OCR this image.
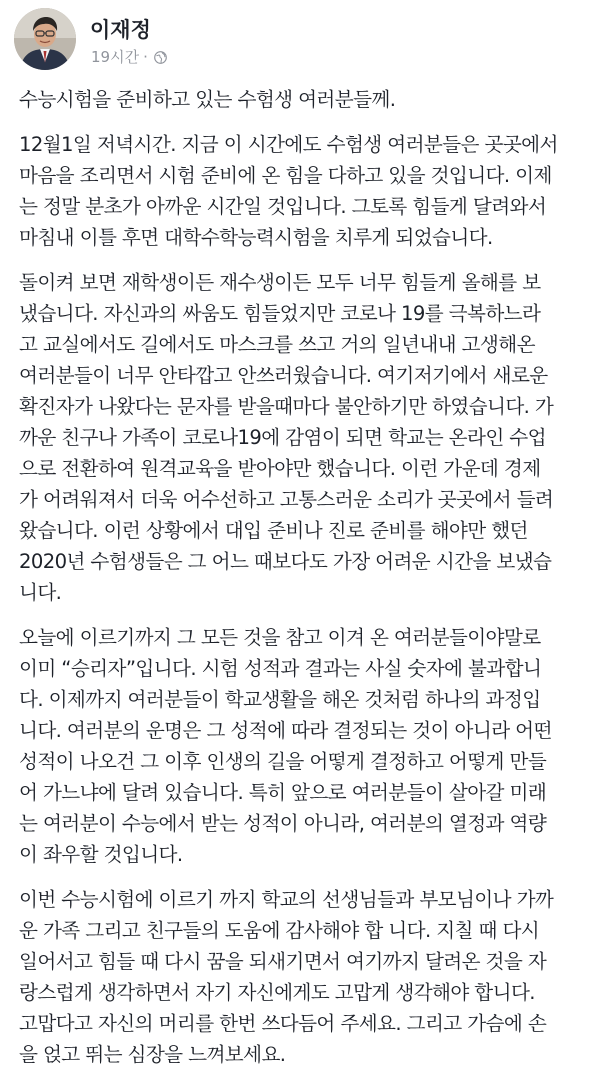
이재정
19시간 ·
수능시험을 준비하고 있는 수험생 여러분들께.
12월1일 저녁시간. 지금 이 시간에도 수험생 여러분들은 곳곳에서
마음을 조리면서 시험 준비에 온 힘을 다하고 있을 것입니다. 이제
는 정말 분초가 아까운 시간일 것입니다. 그토록 힘들게 달려와서
마침내 이틀 후면 대학수학능력시험을 치루게 되었습니다.
돌이켜 보면 재학생이든 재수생이든 모두 너무 힘들게 올해를 보
냈습니다. 자신과의 싸움도 힘들었지만 코로나 19를 극복하느라
고 교실에서도 길에서도 마스크를 쓰고 거의 일년내내 고생해온
여러분들이 너무 안타깝고 안쓰러웠습니다. 여기저기에서 새로운
확진자가 나왔다는 문자를 받을때마다 불안하기만 하였습니다. 가
까운 친구나 가족이 코로나19에 감염이 되면 학교는 온라인 수업
으로 전환하여 원격교육을 받아야만 했습니다. 이런 가운데 경제
가 어려워져서 더욱 어수선하고 고통스러운 소리가 곳곳에서 들려
왔습니다. 이런 상황에서 대입 준비나 진로 준비를 해야만 했던
2020년 수험생들은 그 어느 때보다도 가장 어려운 시간을 보냈습
니다.
오늘에 이르기까지 그 모든 것을 참고 이겨 온 여러분들이야말로
이미 “승리자”입니다. 시험 성적과 결과는 사실 숫자에 불과합니
다. 이제까지 여러분들이 학교생활을 해온 것처럼 하나의 과정입
니다. 여러분의 운명은 그 성적에 따라 결정되는 것이 아니라 어떤
성적이 나오건 그 이후 인생의 길을 어떻게 결정하고 어떻게 만들
어 가느냐에 달려 있습니다. 특히 앞으로 여러분들이 살아갈 미래
는 여러분이 수능에서 받는 성적이 아니라, 여러분의 열정과 역량
이 좌우할 것입니다.
이번 수능시험에 이르기 까지 학교의 선생님들과 부모님이나 가까
운 가족 그리고 친구들의 도움에 감사해야 합 니다. 지칠 때 다시
일어서고 힘들 때 다시 꿈을 되새기면서 여기까지 달려온 것을 자
랑스럽게 생각하면서 자기 자신에게도 고맙게 생각해야 합니다.
고맙다고 자신의 머리를 한번 쓰다듬어 주세요. 그리고 가슴에 손
을 얹고 뛰는 심장을 느껴보세요.
